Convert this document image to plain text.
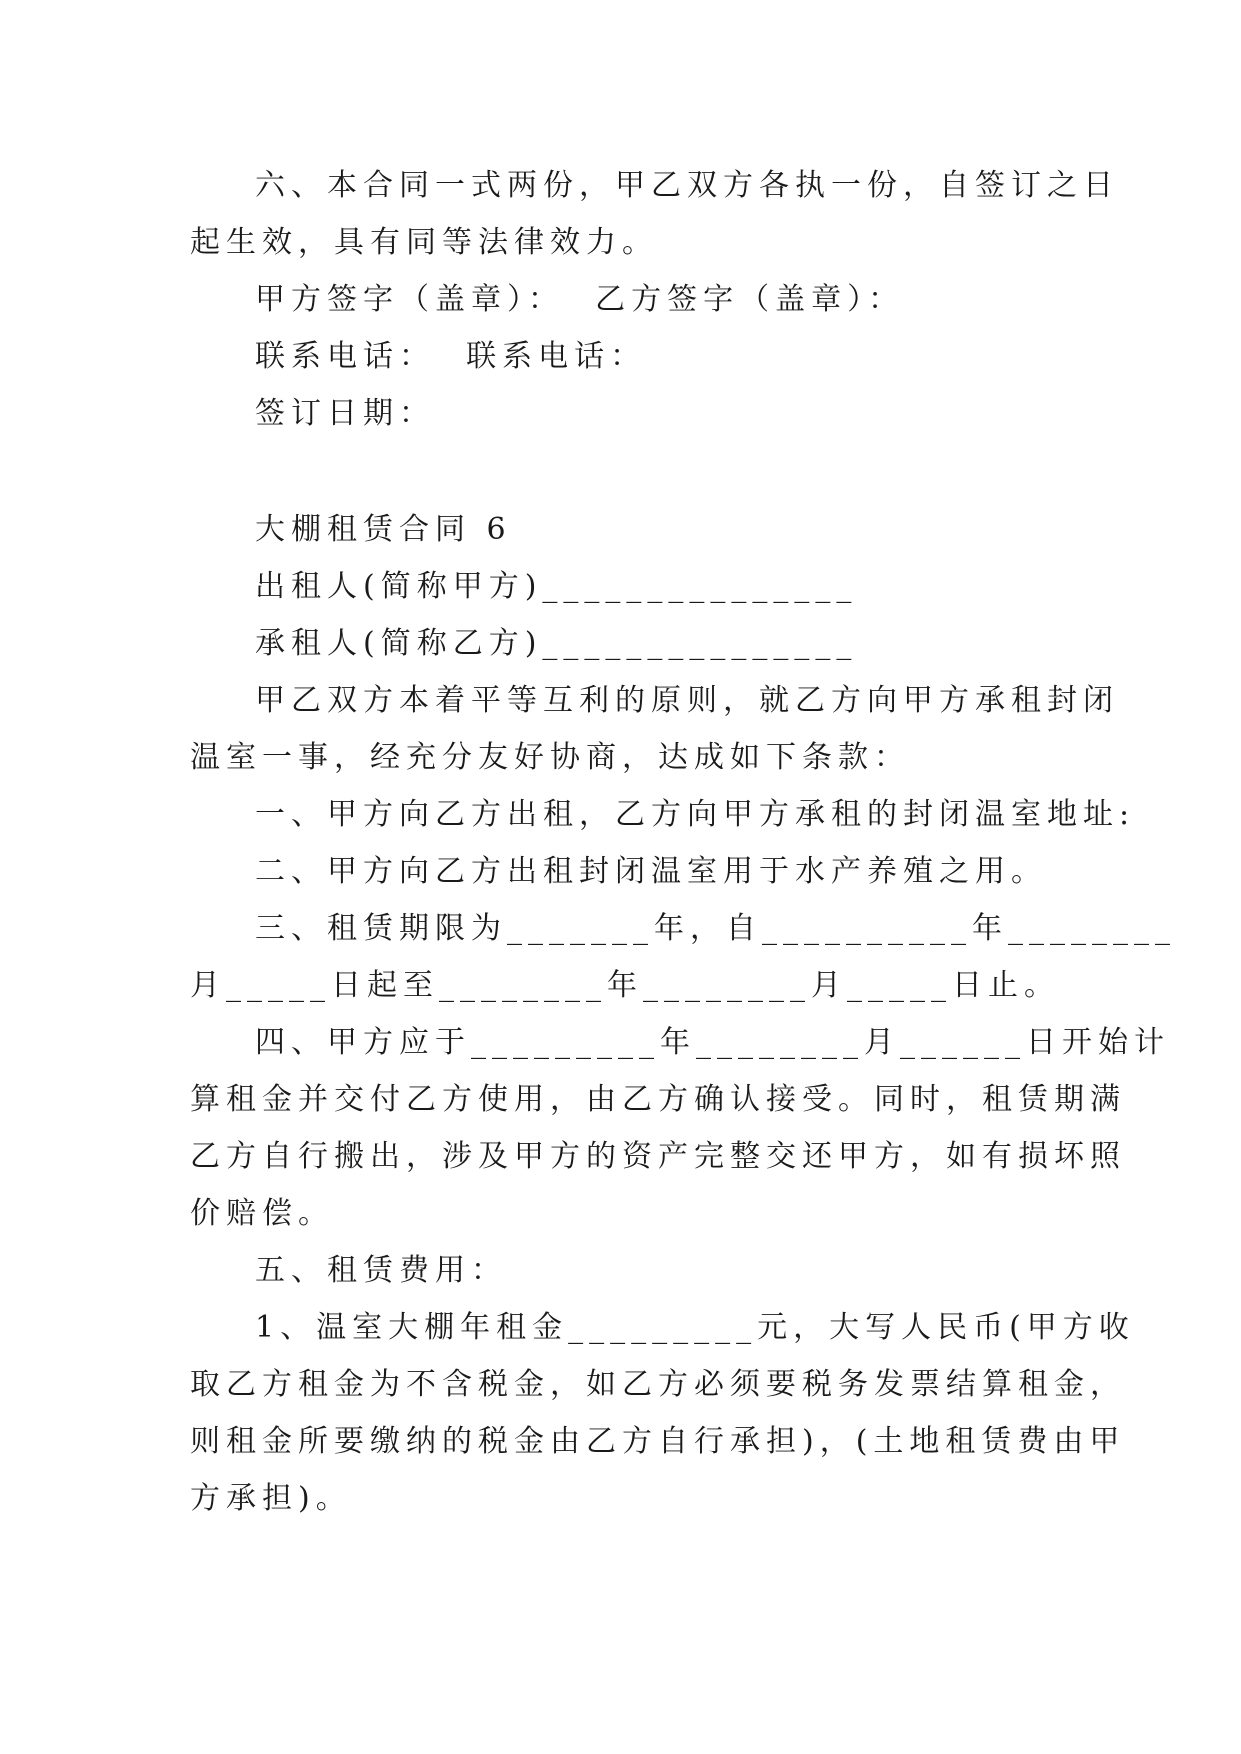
六、本合同一式两份，甲乙双方各执一份，自签订之日
起生效，具有同等法律效力。
甲方签字（盖章）：  乙方签字（盖章）：
联系电话：  联系电话：
签订日期：
大棚租赁合同 6
出租人(简称甲方)_______________
承租人(简称乙方)_______________
甲乙双方本着平等互利的原则，就乙方向甲方承租封闭
温室一事，经充分友好协商，达成如下条款：
一、甲方向乙方出租，乙方向甲方承租的封闭温室地址:
二、甲方向乙方出租封闭温室用于水产养殖之用。
三、租赁期限为_______年，自__________年________
月_____日起至________年________月_____日止。
四、甲方应于_________年________月______日开始计
算租金并交付乙方使用，由乙方确认接受。同时，租赁期满
乙方自行搬出，涉及甲方的资产完整交还甲方，如有损坏照
价赔偿。
五、租赁费用：
1、温室大棚年租金_________元，大写人民币(甲方收
取乙方租金为不含税金，如乙方必须要税务发票结算租金，
则租金所要缴纳的税金由乙方自行承担)，(土地租赁费由甲
方承担)。
